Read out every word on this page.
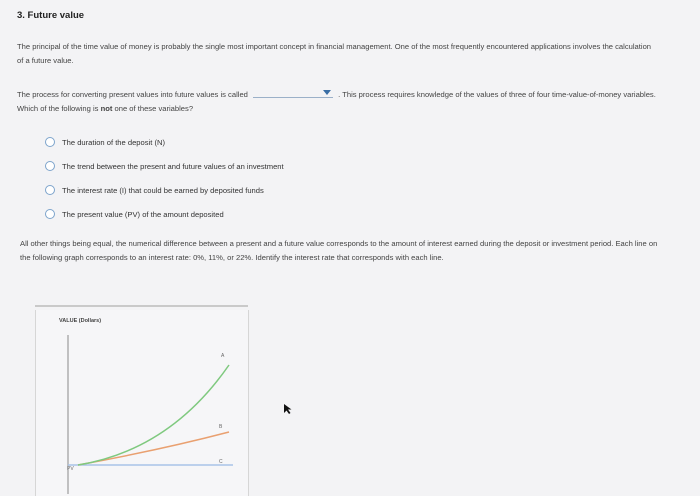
3. Future value
The principal of the time value of money is probably the single most important concept in financial management. One of the most frequently encountered applications involves the calculation of a future value.
The process for converting present values into future values is called	. This process requires knowledge of the values of three of four time-value-of-money variables. Which of the following is not one of these variables?
The duration of the deposit (N)
The trend between the present and future values of an investment
The interest rate (I) that could be earned by deposited funds
The present value (PV) of the amount deposited
All other things being equal, the numerical difference between a present and a future value corresponds to the amount of interest earned during the deposit or investment period. Each line on the following graph corresponds to an interest rate: 0%, 11%, or 22%. Identify the interest rate that corresponds with each line.
VALUE (Dollars)
PV
A
B
C
